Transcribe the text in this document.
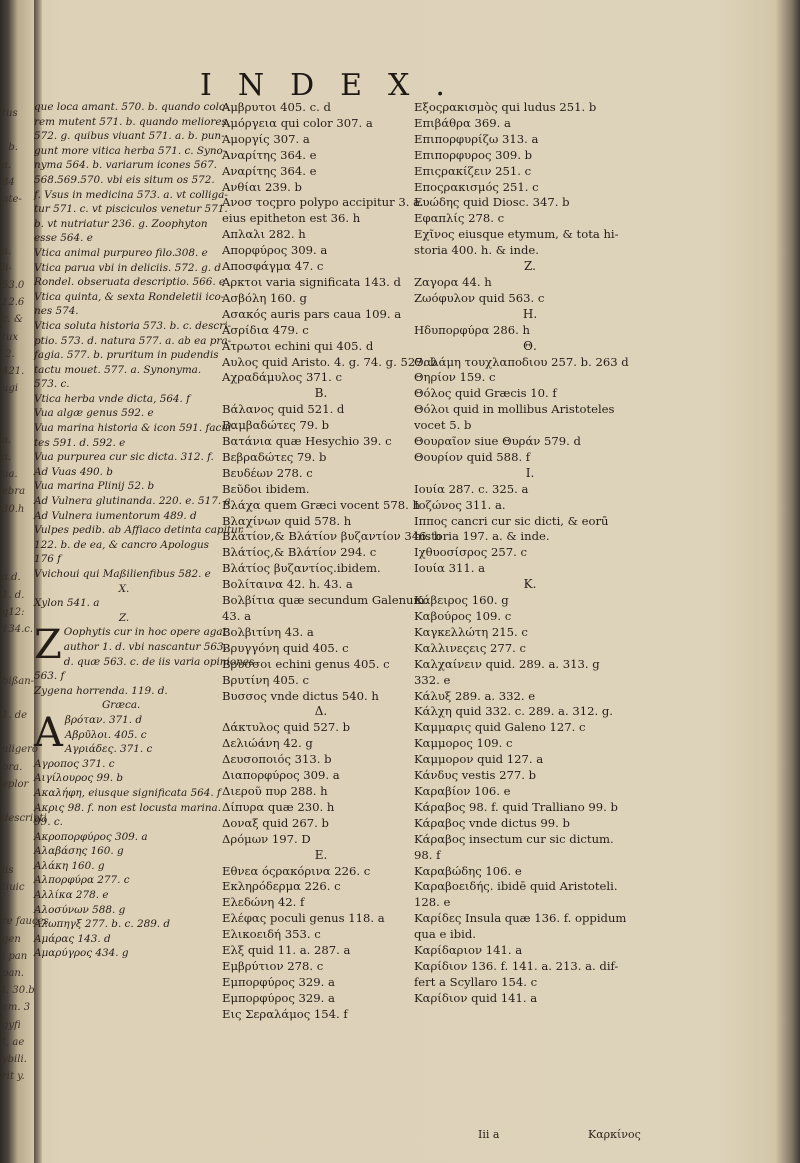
tus
. b.
a.
84
nte-
a.
li-
53.0
12.6
c. &
tux
·2.
421.
ugi
a.
a.
ua.
ebra
30.h
a.d.
1. d.
q12:
134.c.
bißan-
1. de
uligero
bra.
eplor
descripti
iis
tiuic
re fauces
gen
i pan
pan.
t. 30.b
em. 3
gyfi
t, ae
ybili.
rit y.
INDEX.
que loca amant. 570. b. quando colo-
rem mutent 571. b. quando meliores
572. g. quibus viuant 571. a. b. pun-
gunt more vitica herba 571. c. Syno-
nyma 564. b. variarum icones 567.
568.569.570. vbi eis situm os 572.
f. Vsus in medicina 573. a. vt colliga-
tur 571. c. vt pisciculos venetur 571.
b. vt nutriatur 236. g. Zoophyton
esse 564. e
Vtica animal purpureo filo.308. e
Vtica parua vbi in deliciis. 572. g. d
Rondel. obseruata descriptio. 566. e
Vtica quinta, & sexta Rondeletii ico-
nes 574.
Vtica soluta historia 573. b. c. descri-
ptio. 573. d. natura 577. a. ab ea pra-
fagia. 577. b. pruritum in pudendis
tactu mouet. 577. a. Synonyma.
573. c.
Vtica herba vnde dicta, 564. f
Vua algæ genus 592. e
Vua marina historia & icon 591. facul-
tes 591. d. 592. e
Vua purpurea cur sic dicta. 312. f.
Ad Vuas 490. b
Vua marina Plinij 52. b
Ad Vulnera glutinanda. 220. e. 517. a
Ad Vulnera iumentorum 489. d
Vulpes pedib. ab Affiaco detinta capitur
122. b. de ea, & cancro Apologus
176 f
Vvichoui qui Maßilienfibus 582. e
X.
Xylon 541. a
Z.
Z Oophytis cur in hoc opere agat
author 1. d. vbi nascantur 563.
d. quæ 563. c. de iis varia opiniones.
563. f
Zygena horrenda. 119. d.
Græca.
A βρόταν. 371. d
Αβρῦλοι. 405. c
Αγριάδες. 371. c
Αγροπος 371. c
Αιγίλουρος 99. b
Ακαλήφη, eiusque significata 564. f
Ακρις 98. f. non est locusta marina.
99. c.
Ακροπορφύρος 309. a
Αλαβάσης 160. g
Αλάκη 160. g
Αλπορφύρα 277. c
Αλλίκα 278. e
Αλοσύνων 588. g
Αλωπηγξ 277. b. c. 289. d
Αμάρας 143. d
Αμαρύγρος 434. g
Αμβρυτοι 405. c. d
Αμόργεια qui color 307. a
Αμοργίς 307. a
Αναρίτης 364. e
Αναρίτης 364. e
Ανθίαι 239. b
Ανοσ τοςpro polypo accipitur 3. a.
eius epitheton est 36. h
Απλαλι 282. h
Απορφύρος 309. a
Αποσφάγμα 47. c
Αρκτοι varia significata 143. d
Ασβόλη 160. g
Ασακός auris pars caua 109. a
Ασρίδια 479. c
Ατρωτοι echini qui 405. d
Αυλος quid Aristo. 4. g. 74. g. 527. b
Αχραδάμυλος 371. c
B.
Βάλανος quid 521. d
Βαμβαδώτες 79. b
Βατάνια quæ Hesychio 39. c
Βεβραδώτες 79. b
Βευδέων 278. c
Βεῦδοι ibidem.
Βλάχα quem Græci vocent 578. h
Βλαχίνων quid 578. h
Βλάτίον,& Βλάτίον βυζαντίον 346. b
Βλάτίος,& Βλάτίον 294. c
Βλάτίος βυζαντίος.ibidem.
Βολίταινα 42. h. 43. a
Βολβίτια quæ secundum Galenum.
43. a
Βολβιτίνη 43. a
Βρυγγόνη quid 405. c
Βρυσσοι echini genus 405. c
Βρυτίνη 405. c
Βυσσος vnde dictus 540. h
Δ.
Δάκτυλος quid 527. b
Δελιώάνη 42. g
Δευσοποιός 313. b
Διαπορφύρος 309. a
Διεροῦ πυρ 288. h
Δίπυρα quæ 230. h
Δοναξ quid 267. b
Δρόμων 197. D
E.
Εθνεα όςρακόρινα 226. c
Εκληρόδερμα 226. c
Ελεδώνη 42. f
Ελέφας poculi genus 118. a
Ελικοειδή 353. c
Ελξ quid 11. a. 287. a
Εμβρύτιον 278. c
Εμπορφύρος 329. a
Εμπορφύρος 329. a
Εις Σεραλάμος 154. f
Εξοςρακισμὸς qui ludus 251. b
Επιβάθρα 369. a
Επιπορφυρίζω 313. a
Επιπορφυρος 309. b
Επιςρακίζειν 251. c
Εποςρακισμός 251. c
Ευώδης quid Diosc. 347. b
Εφαπλίς 278. c
Εχῖνος eiusque etymum, & tota hi-
storia 400. h. & inde.
Z.
Ζαγορα 44. h
Ζωόφυλον quid 563. c
H.
Ηδυπορφύρα 286. h
Θ.
Θαλάμη τουχλαποδιου 257. b. 263 d
Θηρίον 159. c
Θόλος quid Græcis 10. f
Θόλοι quid in mollibus Aristoteles
vocet 5. b
Θουραῖον siue Θυράν 579. d
Θουρίον quid 588. f
I.
Ιουία 287. c. 325. a
Ιοζώνος 311. a.
Ιππος cancri cur sic dicti, & eorū
historia 197. a. & inde.
Ιχθυοσίσρος 257. c
Ιουία 311. a
K.
Κάβειρος 160. g
Καβούρος 109. c
Καγκελλώτη 215. c
Καλλινεςεις 277. c
Καλχαίνειν quid. 289. a. 313. g
332. e
Κάλυξ 289. a. 332. e
Κάλχη quid 332. c. 289. a. 312. g.
Καμμαρις quid Galeno 127. c
Καμμορος 109. c
Καμμορον quid 127. a
Κάνδυς vestis 277. b
Καραβίον 106. e
Κάραβος 98. f. quid Tralliano 99. b
Κάραβος vnde dictus 99. b
Κάραβος insectum cur sic dictum.
98. f
Καραβώδης 106. e
Καραβοειδής. ibidē quid Aristoteli.
128. e
Καρίδες Insula quæ 136. f. oppidum
qua e ibid.
Καρίδαριον 141. a
Καρίδιον 136. f. 141. a. 213. a. dif-
fert a Scyllaro 154. c
Καρίδιον quid 141. a
Iii a	Καρκίνος
